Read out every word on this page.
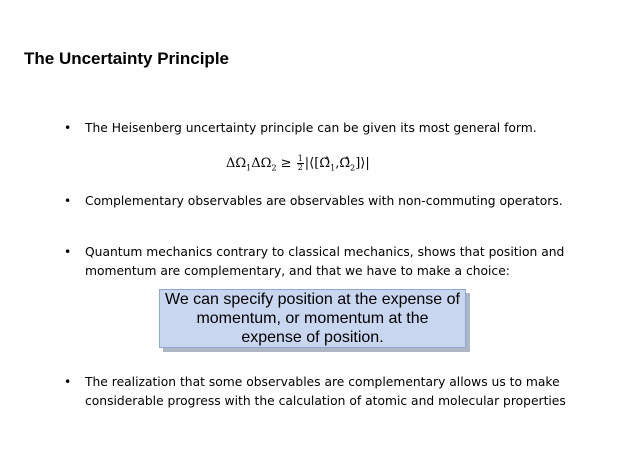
The Uncertainty Principle
•	The Heisenberg uncertainty principle can be given its most general form.
$\Delta\Omega_1\Delta\Omega_2 \ge \frac{1}{2}$ $|⟨[\Omegâ_1,\Omegâ_2]⟩|$
•	Complementary observables are observables with non-commuting operators.
•	Quantum mechanics contrary to classical mechanics, shows that position and momentum are complementary, and that we have to make a choice:
We can specify position at the expense of momentum, or momentum at the expense of position.
•	The realization that some observables are complementary allows us to make considerable progress with the calculation of atomic and molecular properties
